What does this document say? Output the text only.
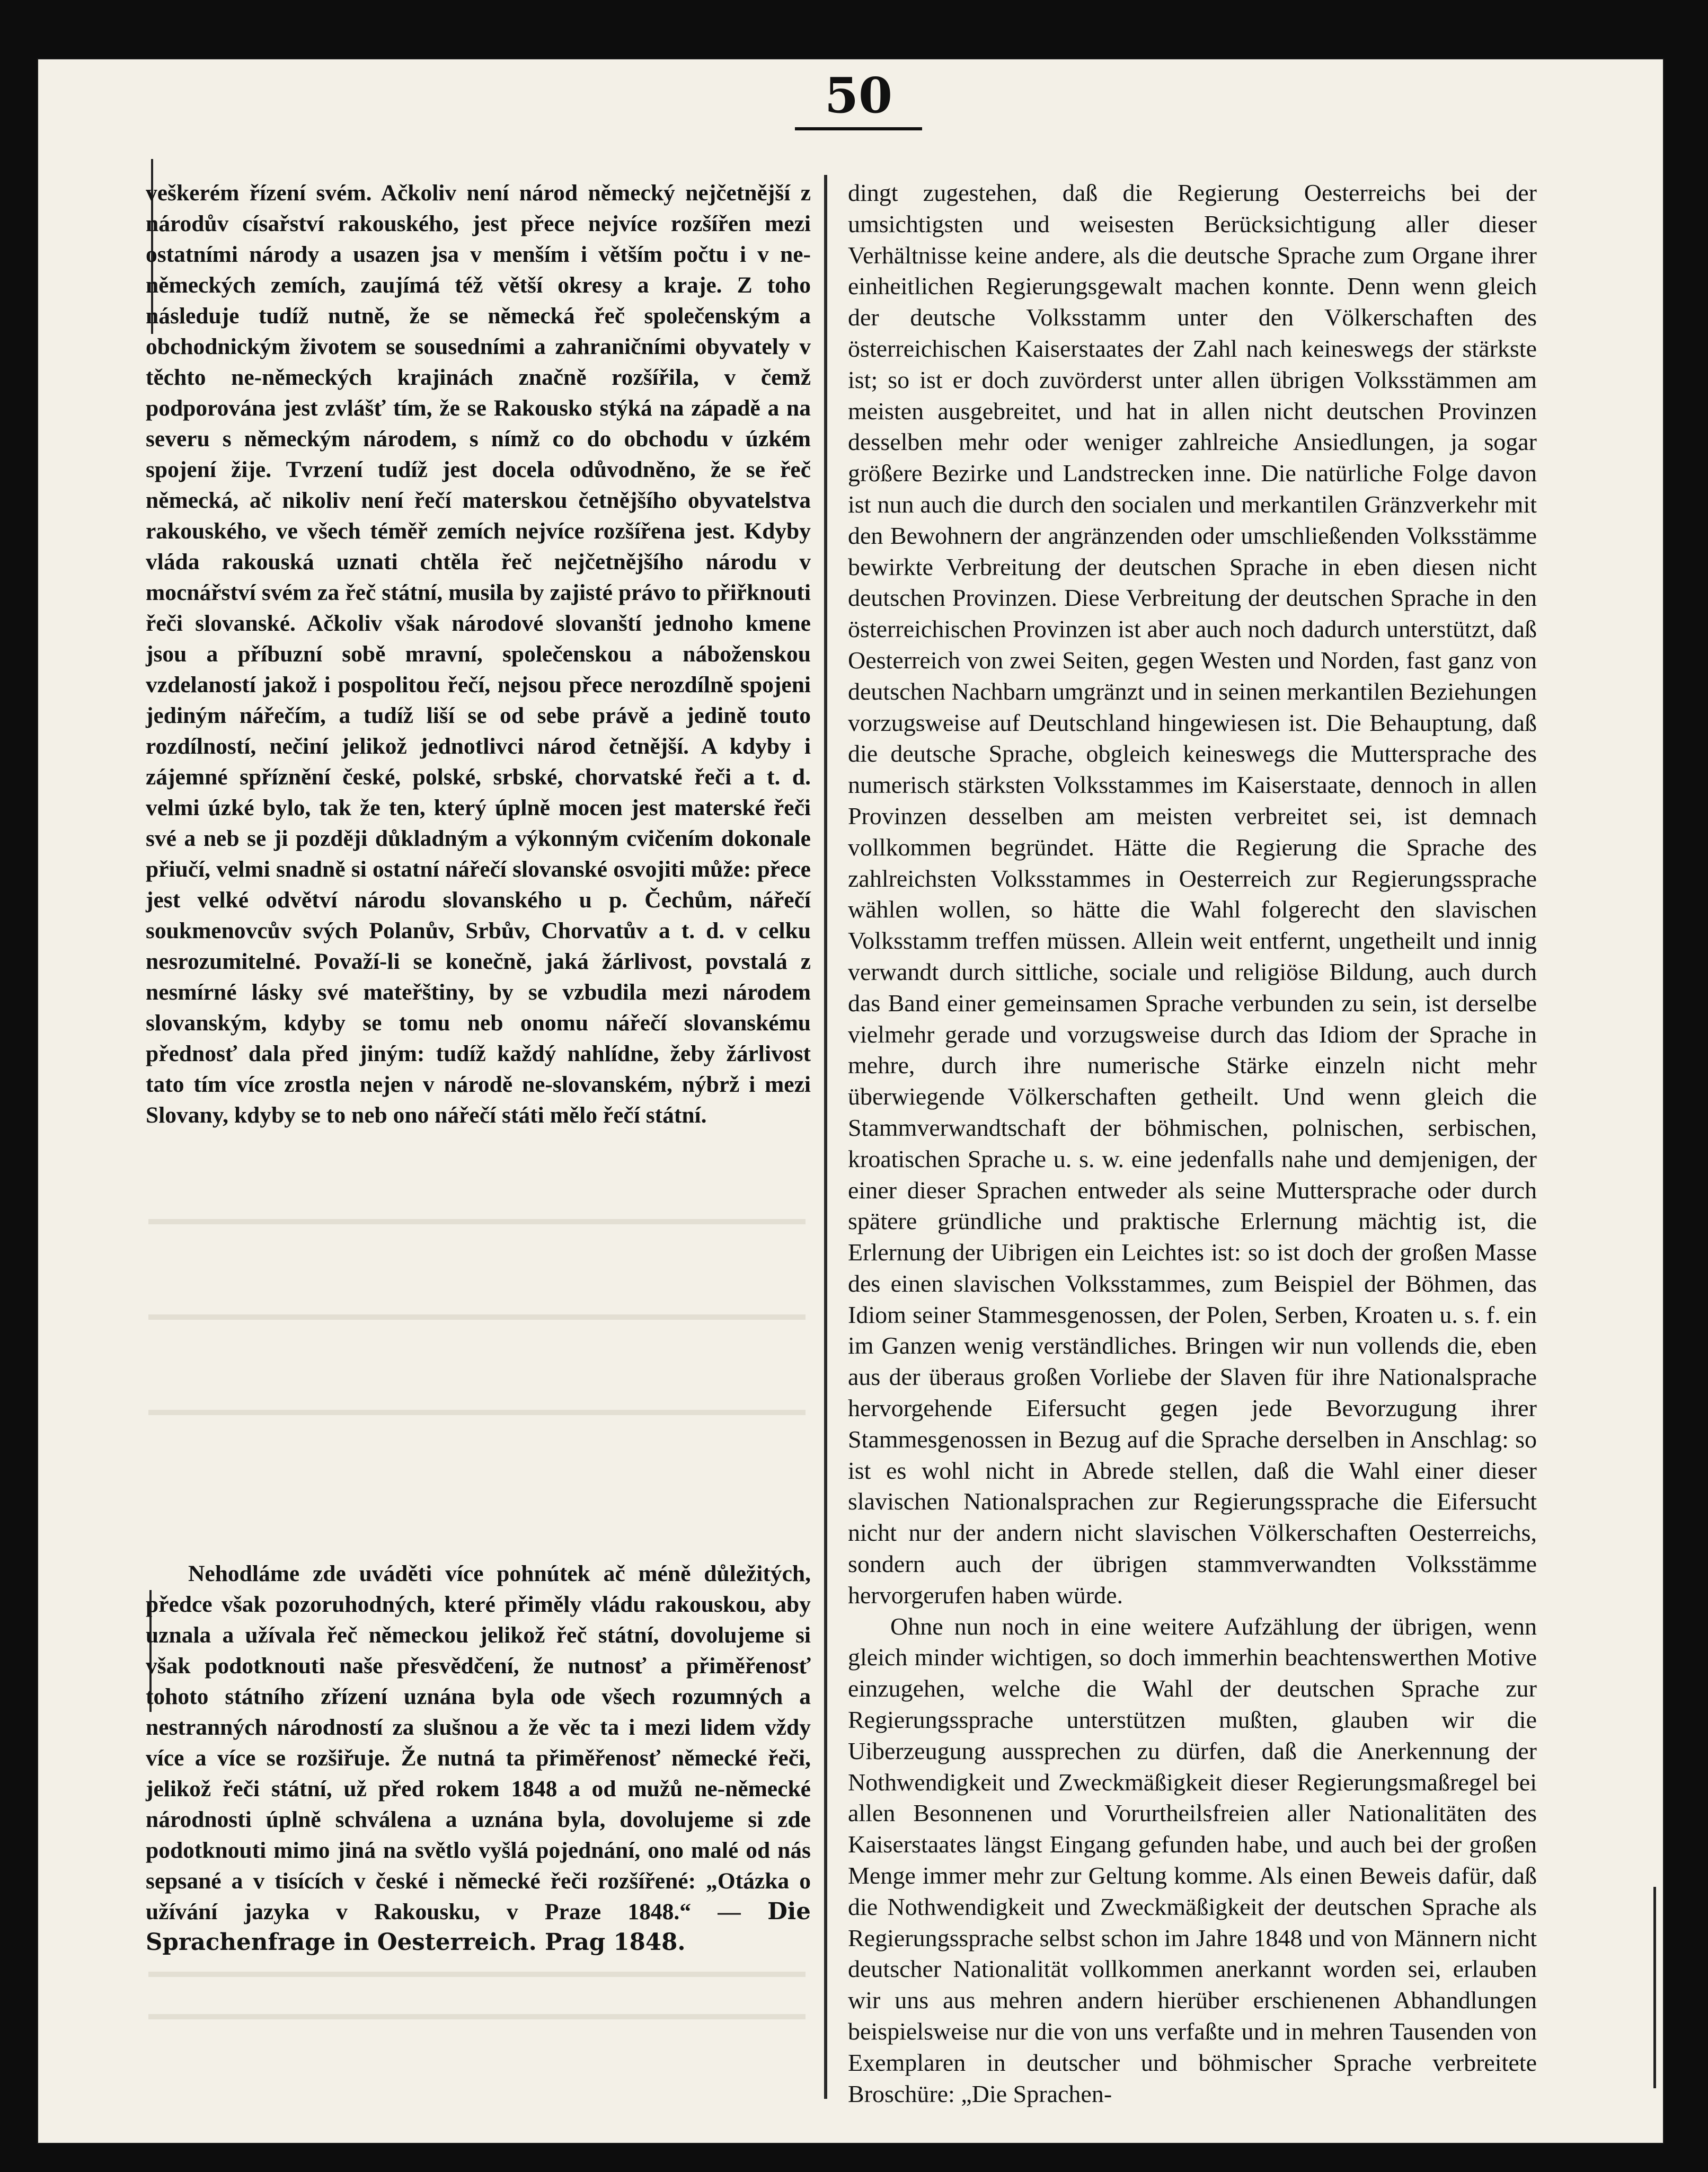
50

veškerém řízení svém. Ačkoliv není národ německý nejčetnější z národův císařství rakouského, jest přece nejvíce rozšířen mezi ostatními národy a usazen jsa v menším i větším počtu i v ne-německých zemích, zaujímá též větší okresy a kraje. Z toho následuje tudíž nutně, že se německá řeč společenským a obchodnickým životem se sousedními a zahraničními obyvately v těchto ne-německých krajinách značně rozšířila, v čemž podporována jest zvlášť tím, že se Rakousko stýká na západě a na severu s německým národem, s nímž co do obchodu v úzkém spojení žije. Tvrzení tudíž jest docela odůvodněno, že se řeč německá, ač nikoliv není řečí materskou četnějšího obyvatelstva rakouského, ve všech téměř zemích nejvíce rozšířena jest. Kdyby vláda rakouská uznati chtěla řeč nejčetnějšího národu v mocnářství svém za řeč státní, musila by zajisté právo to přiřknouti řeči slovanské. Ačkoliv však národové slovanští jednoho kmene jsou a příbuzní sobě mravní, společenskou a náboženskou vzdelaností jakož i pospolitou řečí, nejsou přece nerozdílně spojeni jediným nářečím, a tudíž liší se od sebe právě a jedině touto rozdílností, nečiní jelikož jednotlivci národ četnější. A kdyby i zájemné spříznění české, polské, srbské, chorvatské řeči a t. d. velmi úzké bylo, tak že ten, který úplně mocen jest materské řeči své a neb se ji později důkladným a výkonným cvičením dokonale přiučí, velmi snadně si ostatní nářečí slovanské osvojiti může: přece jest velké odvětví národu slovanského u p. Čechům, nářečí soukmenovcův svých Polanův, Srbův, Chorvatův a t. d. v celku nesrozumitelné. Považí-li se konečně, jaká žárlivost, povstalá z nesmírné lásky své mateřštiny, by se vzbudila mezi národem slovanským, kdyby se tomu neb onomu nářečí slovanskému přednosť dala před jiným: tudíž každý nahlídne, žeby žárlivost tato tím více zrostla nejen v národě ne-slovanském, nýbrž i mezi Slovany, kdyby se to neb ono nářečí státi mělo řečí státní.

Nehodláme zde uváděti více pohnútek ač méně důležitých, předce však pozoruhodných, které přiměly vládu rakouskou, aby uznala a užívala řeč německou jelikož řeč státní, dovolujeme si však podotknouti naše přesvědčení, že nutnosť a přiměřenosť tohoto státního zřízení uznána byla ode všech rozumných a nestranných národností za slušnou a že věc ta i mezi lidem vždy více a více se rozšiřuje. Že nutná ta přiměřenosť německé řeči, jelikož řeči státní, už před rokem 1848 a od mužů ne-německé národnosti úplně schválena a uznána byla, dovolujeme si zde podotknouti mimo jiná na světlo vyšlá pojednání, ono malé od nás sepsané a v tisících v české i německé řeči rozšířené: „Otázka o užívání jazyka v Rakousku, v Praze 1848.“ — Die Sprachenfrage in Oesterreich. Prag 1848.

dingt zugestehen, daß die Regierung Oesterreichs bei der umsichtigsten und weisesten Berücksichtigung aller dieser Verhältnisse keine andere, als die deutsche Sprache zum Organe ihrer einheitlichen Regierungsgewalt machen konnte. Denn wenn gleich der deutsche Volksstamm unter den Völkerschaften des österreichischen Kaiserstaates der Zahl nach keineswegs der stärkste ist; so ist er doch zuvörderst unter allen übrigen Volksstämmen am meisten ausgebreitet, und hat in allen nicht deutschen Provinzen desselben mehr oder weniger zahlreiche Ansiedlungen, ja sogar größere Bezirke und Landstrecken inne. Die natürliche Folge davon ist nun auch die durch den socialen und merkantilen Gränzverkehr mit den Bewohnern der angränzenden oder umschließenden Volksstämme bewirkte Verbreitung der deutschen Sprache in eben diesen nicht deutschen Provinzen. Diese Verbreitung der deutschen Sprache in den österreichischen Provinzen ist aber auch noch dadurch unterstützt, daß Oesterreich von zwei Seiten, gegen Westen und Norden, fast ganz von deutschen Nachbarn umgränzt und in seinen merkantilen Beziehungen vorzugsweise auf Deutschland hingewiesen ist. Die Behauptung, daß die deutsche Sprache, obgleich keineswegs die Muttersprache des numerisch stärksten Volksstammes im Kaiserstaate, dennoch in allen Provinzen desselben am meisten verbreitet sei, ist demnach vollkommen begründet. Hätte die Regierung die Sprache des zahlreichsten Volksstammes in Oesterreich zur Regierungssprache wählen wollen, so hätte die Wahl folgerecht den slavischen Volksstamm treffen müssen. Allein weit entfernt, ungetheilt und innig verwandt durch sittliche, sociale und religiöse Bildung, auch durch das Band einer gemeinsamen Sprache verbunden zu sein, ist derselbe vielmehr gerade und vorzugsweise durch das Idiom der Sprache in mehre, durch ihre numerische Stärke einzeln nicht mehr überwiegende Völkerschaften getheilt. Und wenn gleich die Stammverwandtschaft der böhmischen, polnischen, serbischen, kroatischen Sprache u. s. w. eine jedenfalls nahe und demjenigen, der einer dieser Sprachen entweder als seine Muttersprache oder durch spätere gründliche und praktische Erlernung mächtig ist, die Erlernung der Uibrigen ein Leichtes ist: so ist doch der großen Masse des einen slavischen Volksstammes, zum Beispiel der Böhmen, das Idiom seiner Stammesgenossen, der Polen, Serben, Kroaten u. s. f. ein im Ganzen wenig verständliches. Bringen wir nun vollends die, eben aus der überaus großen Vorliebe der Slaven für ihre Nationalsprache hervorgehende Eifersucht gegen jede Bevorzugung ihrer Stammesgenossen in Bezug auf die Sprache derselben in Anschlag: so ist es wohl nicht in Abrede stellen, daß die Wahl einer dieser slavischen Nationalsprachen zur Regierungssprache die Eifersucht nicht nur der andern nicht slavischen Völkerschaften Oesterreichs, sondern auch der übrigen stammverwandten Volksstämme hervorgerufen haben würde.

Ohne nun noch in eine weitere Aufzählung der übrigen, wenn gleich minder wichtigen, so doch immerhin beachtenswerthen Motive einzugehen, welche die Wahl der deutschen Sprache zur Regierungssprache unterstützen mußten, glauben wir die Uiberzeugung aussprechen zu dürfen, daß die Anerkennung der Nothwendigkeit und Zweckmäßigkeit dieser Regierungsmaßregel bei allen Besonnenen und Vorurtheilsfreien aller Nationalitäten des Kaiserstaates längst Eingang gefunden habe, und auch bei der großen Menge immer mehr zur Geltung komme. Als einen Beweis dafür, daß die Nothwendigkeit und Zweckmäßigkeit der deutschen Sprache als Regierungssprache selbst schon im Jahre 1848 und von Männern nicht deutscher Nationalität vollkommen anerkannt worden sei, erlauben wir uns aus mehren andern hierüber erschienenen Abhandlungen beispielsweise nur die von uns verfaßte und in mehren Tausenden von Exemplaren in deutscher und böhmischer Sprache verbreitete Broschüre: „Die Sprachen-
